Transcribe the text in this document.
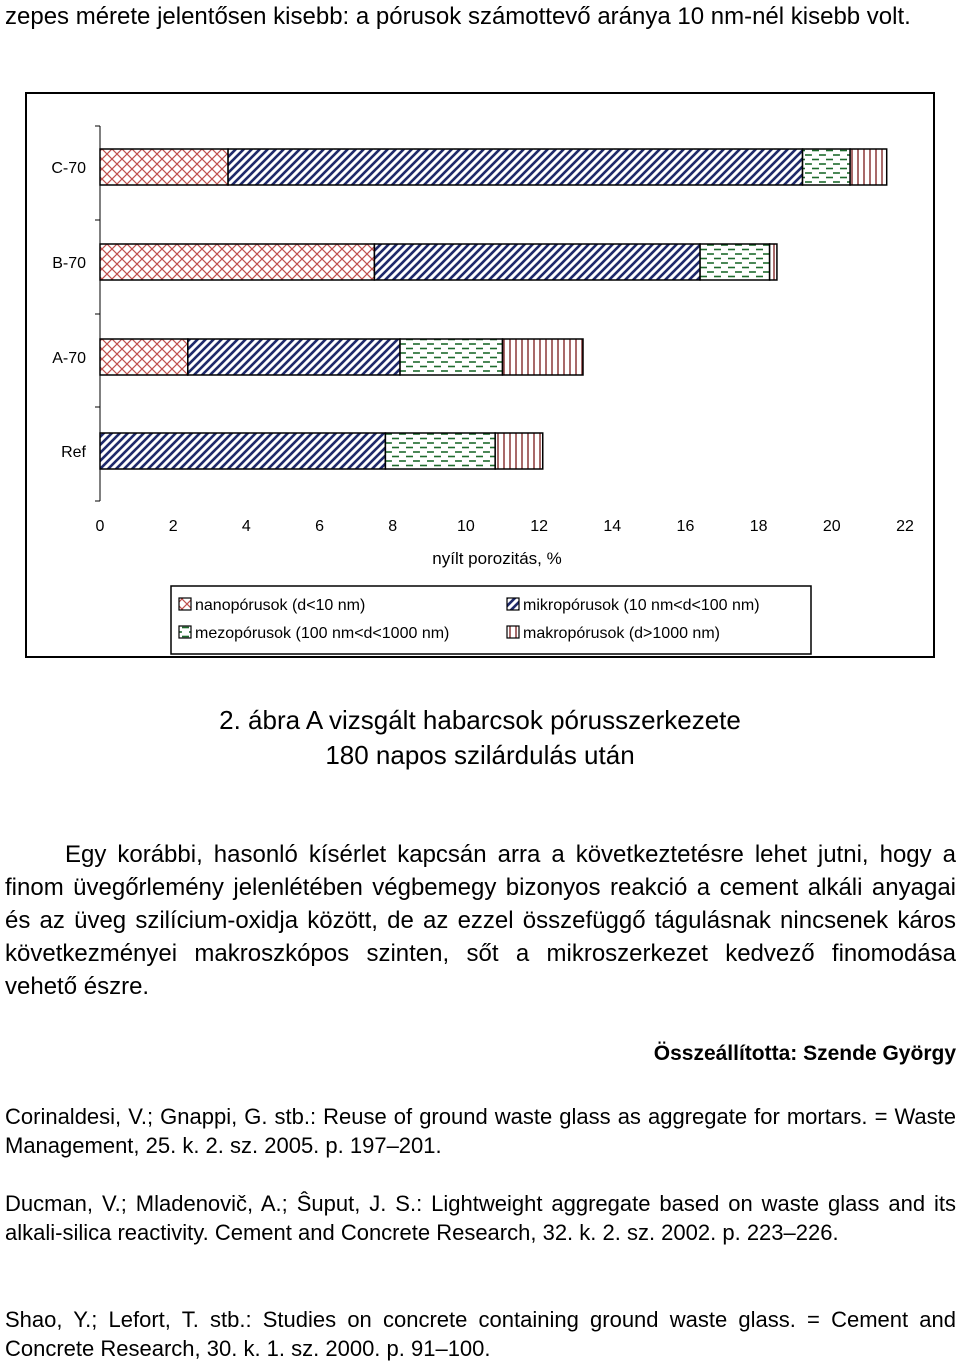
zepes mérete jelentősen kisebb: a pórusok számottevő aránya 10 nm-nél kisebb volt.

C-70
B-70
A-70
Ref
0	2	4	6	8	10	12	14	16	18	20	22
nyílt porozitás, %
nanopórusok (d<10 nm)	mikropórusok (10 nm<d<100 nm)
mezopórusok (100 nm<d<1000 nm)	makropórusok (d>1000 nm)

2. ábra A vizsgált habarcsok pórusszerkezete

180 napos szilárdulás után

Egy korábbi, hasonló kísérlet kapcsán arra a következtetésre lehet jutni, hogy a finom üvegőrlemény jelenlétében végbemegy bizonyos reakció a cement alkáli anyagai és az üveg szilícium-oxidja között, de az ezzel összefüggő tágulásnak nincsenek káros következményei makroszkópos szinten, sőt a mikroszerkezet kedvező finomodása vehető észre.

Összeállította: Szende György

Corinaldesi, V.; Gnappi, G. stb.: Reuse of ground waste glass as aggregate for mortars. = Waste Management, 25. k. 2. sz. 2005. p. 197–201.

Ducman, V.; Mladenovič, A.; Ŝuput, J. S.: Lightweight aggregate based on waste glass and its alkali-silica reactivity. Cement and Concrete Research, 32. k. 2. sz. 2002. p. 223–226.

Shao, Y.; Lefort, T. stb.: Studies on concrete containing ground waste glass. = Cement and Concrete Research, 30. k. 1. sz. 2000. p. 91–100.
